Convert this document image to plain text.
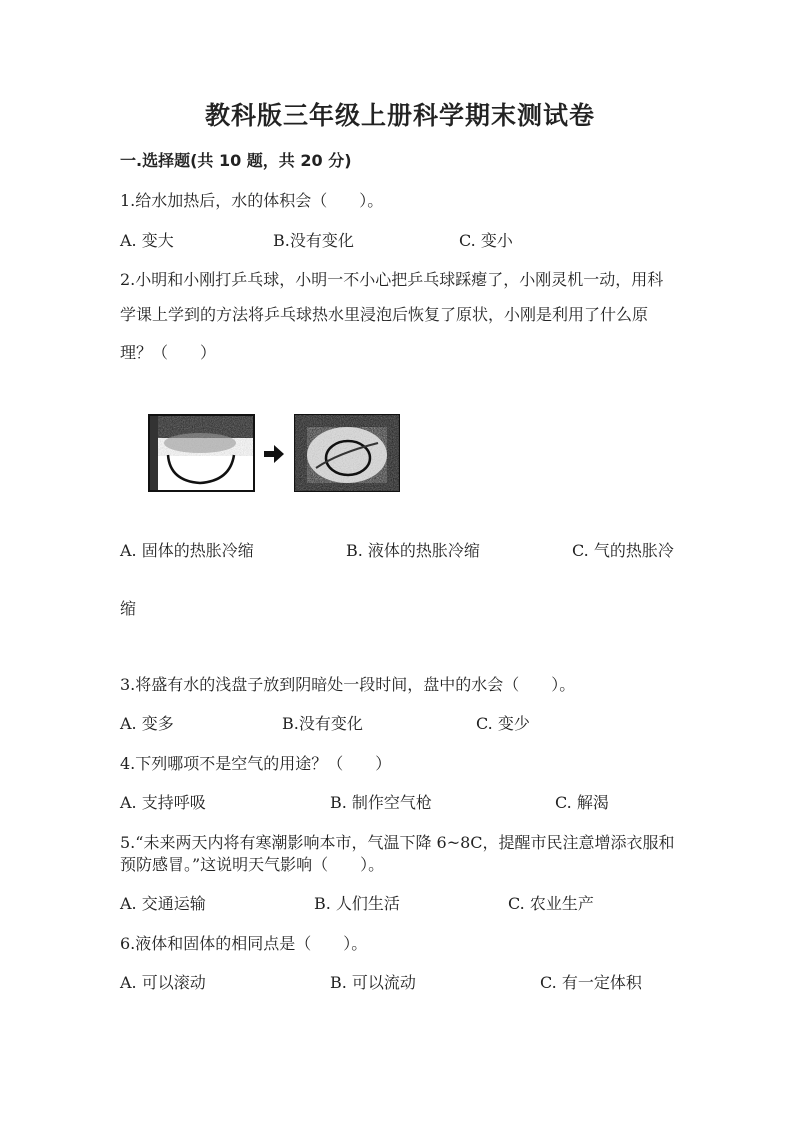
教科版三年级上册科学期末测试卷
一.选择题(共 10 题，共 20 分)
1.给水加热后，水的体积会（　　）。
A. 变大	B.没有变化	C. 变小
2.小明和小刚打乒乓球，小明一不小心把乒乓球踩瘪了，小刚灵机一动，用科
学课上学到的方法将乒乓球热水里浸泡后恢复了原状，小刚是利用了什么原
理？（　　）
A. 固体的热胀冷缩	B. 液体的热胀冷缩	C. 气的热胀冷
缩
3.将盛有水的浅盘子放到阴暗处一段时间，盘中的水会（　　）。
A. 变多	B.没有变化	C. 变少
4.下列哪项不是空气的用途？（　　）
A. 支持呼吸	B. 制作空气枪	C. 解渴
5.“未来两天内将有寒潮影响本市，气温下降 6~8C，提醒市民注意增添衣服和
预防感冒。”这说明天气影响（　　）。
A. 交通运输	B. 人们生活	C. 农业生产
6.液体和固体的相同点是（　　）。
A. 可以滚动	B. 可以流动	C. 有一定体积
